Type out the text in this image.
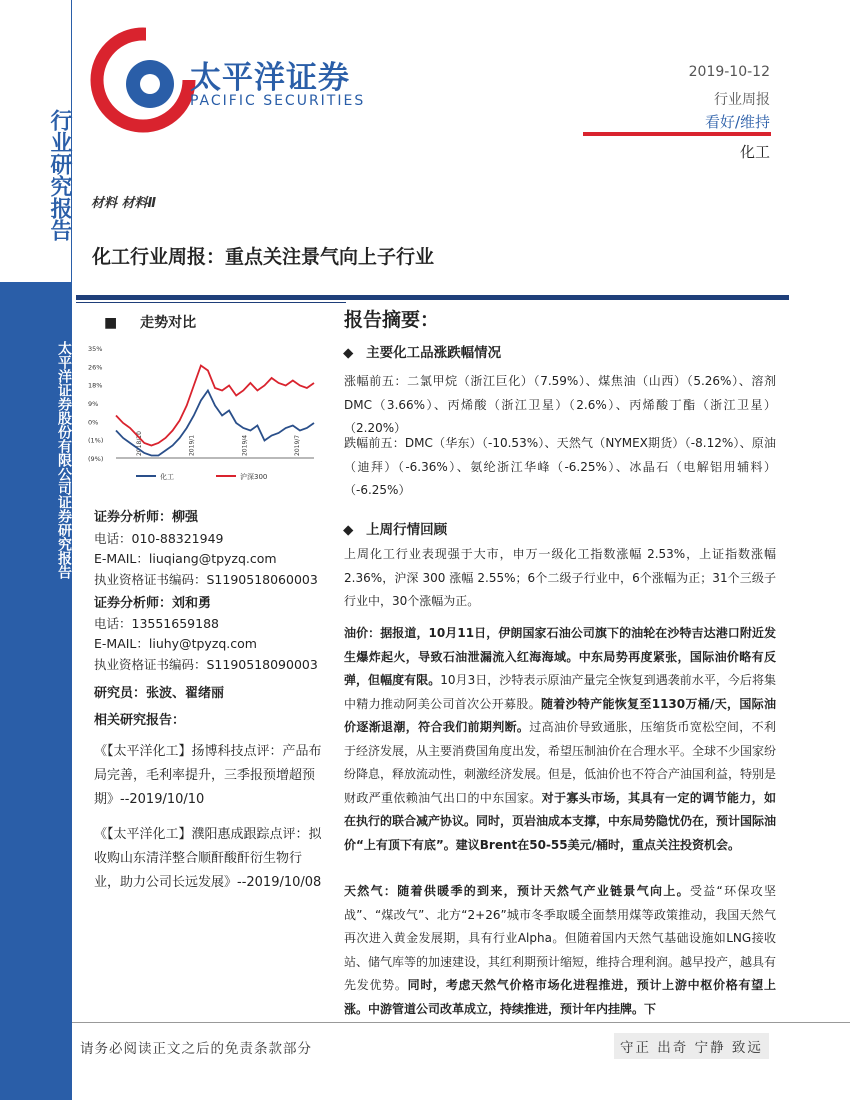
行业研究报告
太平洋证券股份有限公司证券研究报告
太平洋证券
PACIFIC SECURITIES
2019-10-12
行业周报
看好/维持
化工
材料 材料Ⅱ
化工行业周报：重点关注景气向上子行业
■ 走势对比	报告摘要：
35%
26%
18%
9%
0%
(1%)
(9%)
2018/10	2019/1	2019/4	2019/7
化工	沪深300
证券分析师：柳强
电话：010-88321949
E-MAIL：liuqiang@tpyzq.com
执业资格证书编码：S1190518060003
证券分析师：刘和勇
电话：13551659188
E-MAIL：liuhy@tpyzq.com
执业资格证书编码：S1190518090003
研究员：张波、翟绪丽
相关研究报告：
《【太平洋化工】扬博科技点评：产品布局完善，毛利率提升，三季报预增超预期》--2019/10/10
《【太平洋化工】濮阳惠成跟踪点评：拟收购山东清洋整合顺酐酸酐衍生物行业，助力公司长远发展》--2019/10/08
◆ 主要化工品涨跌幅情况
涨幅前五：二氯甲烷（浙江巨化）（7.59%）、煤焦油（山西）（5.26%）、溶剂DMC（3.66%）、丙烯酸（浙江卫星）（2.6%）、丙烯酸丁酯（浙江卫星）（2.20%）
跌幅前五：DMC（华东）（-10.53%）、天然气（NYMEX期货）（-8.12%）、原油（迪拜）（-6.36%）、氨纶浙江华峰（-6.25%）、冰晶石（电解铝用辅料）（-6.25%）
◆ 上周行情回顾
上周化工行业表现强于大市，申万一级化工指数涨幅 2.53%，上证指数涨幅 2.36%，沪深 300 涨幅 2.55%；6个二级子行业中，6个涨幅为正；31个三级子行业中，30个涨幅为正。
油价：据报道，10月11日，伊朗国家石油公司旗下的油轮在沙特吉达港口附近发生爆炸起火，导致石油泄漏流入红海海域。中东局势再度紧张，国际油价略有反弹，但幅度有限。10月3日，沙特表示原油产量完全恢复到遇袭前水平，今后将集中精力推动阿美公司首次公开募股。随着沙特产能恢复至1130万桶/天，国际油价逐渐退潮，符合我们前期判断。过高油价导致通胀，压缩货币宽松空间，不利于经济发展，从主要消费国角度出发，希望压制油价在合理水平。全球不少国家纷纷降息，释放流动性，刺激经济发展。但是，低油价也不符合产油国利益，特别是财政严重依赖油气出口的中东国家。对于寡头市场，其具有一定的调节能力，如在执行的联合减产协议。同时，页岩油成本支撑，中东局势隐忧仍在，预计国际油价“上有顶下有底”。建议Brent在50-55美元/桶时，重点关注投资机会。
天然气：随着供暖季的到来，预计天然气产业链景气向上。受益“环保攻坚战”、“煤改气”、北方“2+26”城市冬季取暖全面禁用煤等政策推动，我国天然气再次进入黄金发展期，具有行业Alpha。但随着国内天然气基础设施如LNG接收站、储气库等的加速建设，其红利期预计缩短，维持合理利润。越早投产，越具有先发优势。同时，考虑天然气价格市场化进程推进，预计上游中枢价格有望上涨。中游管道公司改革成立，持续推进，预计年内挂牌。下
请务必阅读正文之后的免责条款部分	守正 出奇 宁静 致远
